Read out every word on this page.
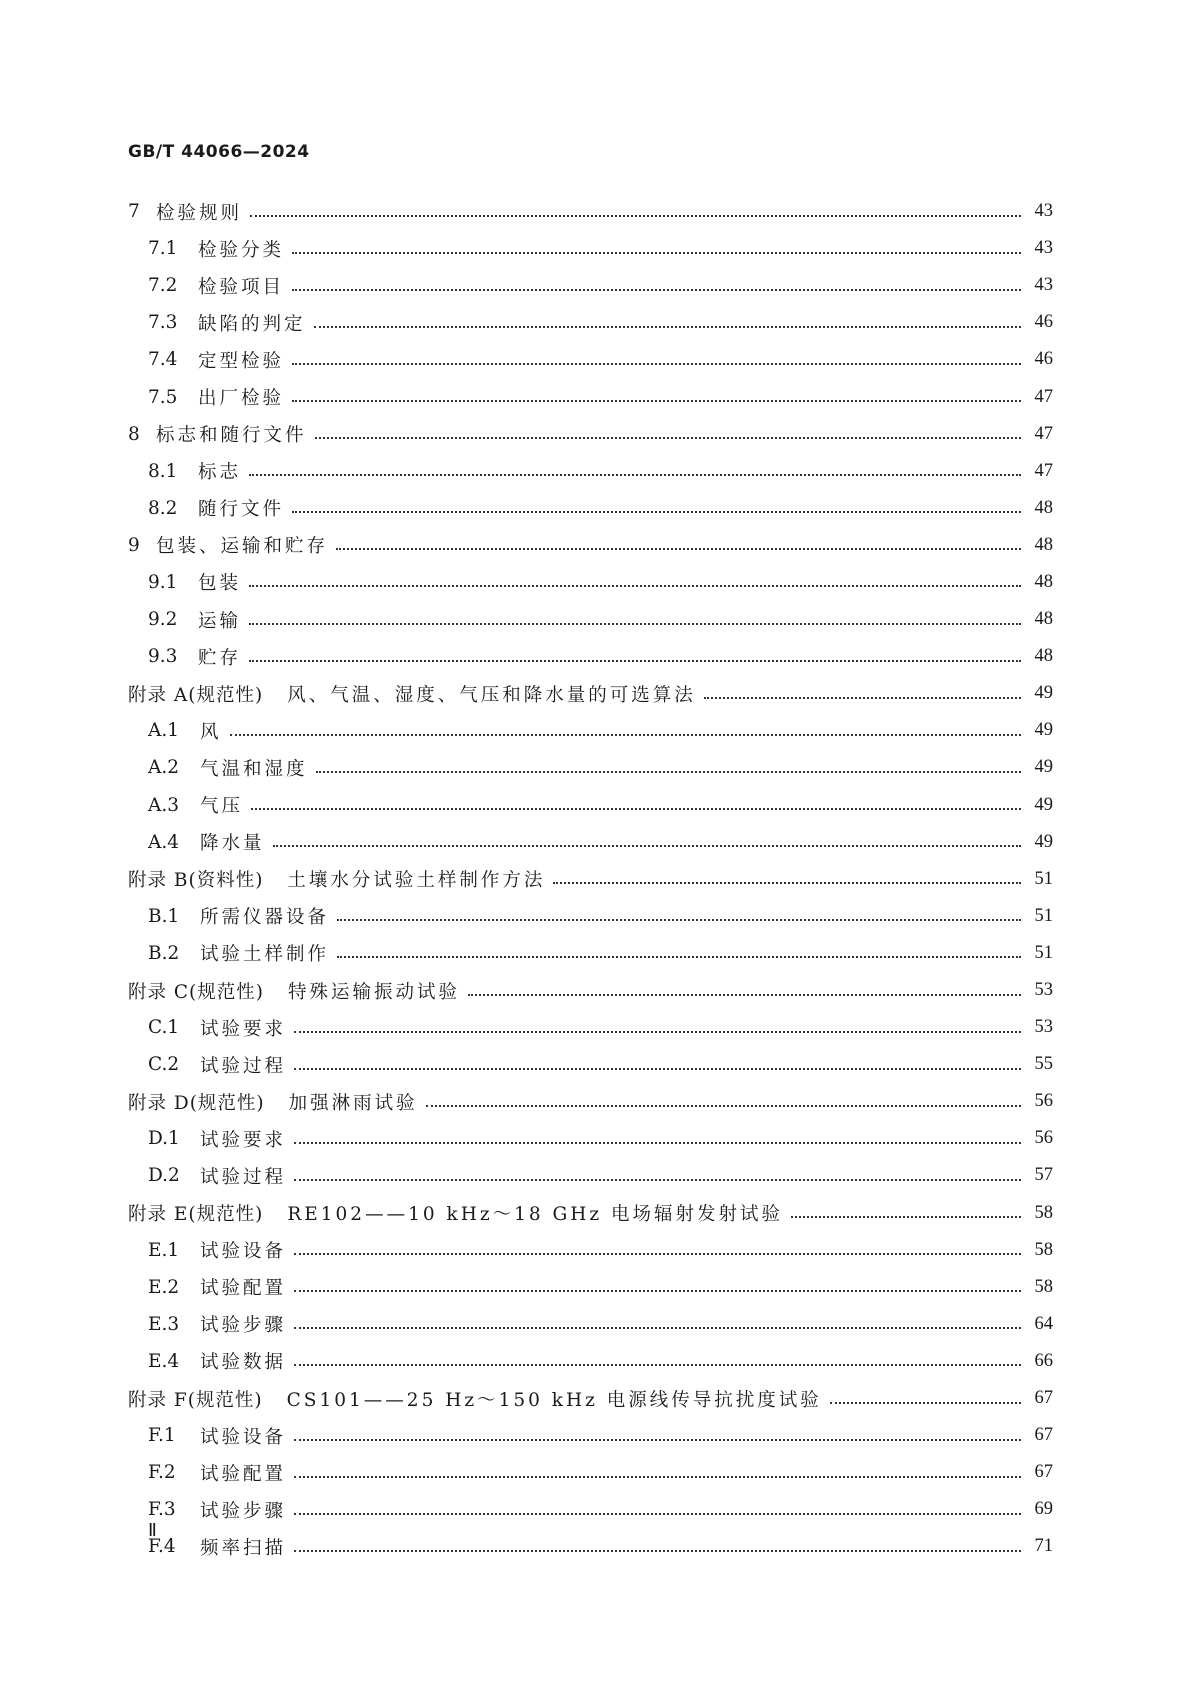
GB/T 44066—2024
7 检验规则	43
7.1	检验分类	43
7.2	检验项目	43
7.3	缺陷的判定	46
7.4	定型检验	46
7.5	出厂检验	47
8 标志和随行文件	47
8.1	标志	47
8.2	随行文件	48
9 包装、运输和贮存	48
9.1	包装	48
9.2	运输	48
9.3	贮存	48
附录 A(规范性) 风、气温、湿度、气压和降水量的可选算法	49
A.1	风	49
A.2	气温和湿度	49
A.3	气压	49
A.4	降水量	49
附录 B(资料性) 土壤水分试验土样制作方法	51
B.1	所需仪器设备	51
B.2	试验土样制作	51
附录 C(规范性) 特殊运输振动试验	53
C.1	试验要求	53
C.2	试验过程	55
附录 D(规范性) 加强淋雨试验	56
D.1	试验要求	56
D.2	试验过程	57
附录 E(规范性) RE102——10 kHz～18 GHz 电场辐射发射试验	58
E.1	试验设备	58
E.2	试验配置	58
E.3	试验步骤	64
E.4	试验数据	66
附录 F(规范性) CS101——25 Hz～150 kHz 电源线传导抗扰度试验	67
F.1	试验设备	67
F.2	试验配置	67
F.3	试验步骤	69
F.4	频率扫描	71
Ⅱ
